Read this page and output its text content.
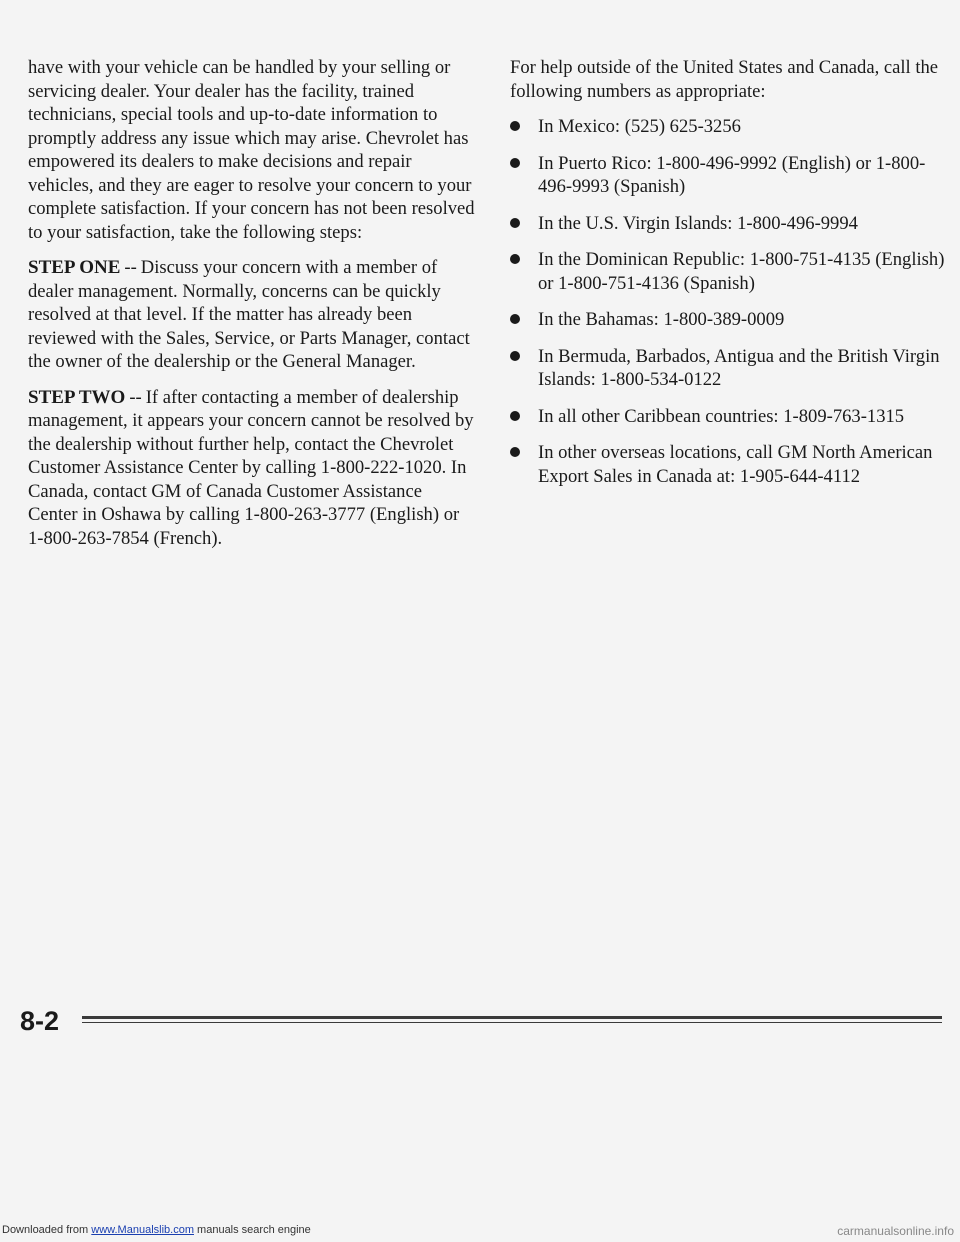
have with your vehicle can be handled by your selling or servicing dealer. Your dealer has the facility, trained technicians, special tools and up-to-date information to promptly address any issue which may arise. Chevrolet has empowered its dealers to make decisions and repair vehicles, and they are eager to resolve your concern to your complete satisfaction. If your concern has not been resolved to your satisfaction, take the following steps:

STEP ONE -- Discuss your concern with a member of dealer management. Normally, concerns can be quickly resolved at that level. If the matter has already been reviewed with the Sales, Service, or Parts Manager, contact the owner of the dealership or the General Manager.

STEP TWO -- If after contacting a member of dealership management, it appears your concern cannot be resolved by the dealership without further help, contact the Chevrolet Customer Assistance Center by calling 1-800-222-1020. In Canada, contact GM of Canada Customer Assistance Center in Oshawa by calling 1-800-263-3777 (English) or 1-800-263-7854 (French).

For help outside of the United States and Canada, call the following numbers as appropriate:

In Mexico: (525) 625-3256
In Puerto Rico: 1-800-496-9992 (English) or 1-800-496-9993 (Spanish)
In the U.S. Virgin Islands: 1-800-496-9994
In the Dominican Republic: 1-800-751-4135 (English) or 1-800-751-4136 (Spanish)
In the Bahamas: 1-800-389-0009
In Bermuda, Barbados, Antigua and the British Virgin Islands: 1-800-534-0122
In all other Caribbean countries: 1-809-763-1315
In other overseas locations, call GM North American Export Sales in Canada at: 1-905-644-4112
8-2
Downloaded from www.Manualslib.com manuals search engine	carmanualsonline.info
